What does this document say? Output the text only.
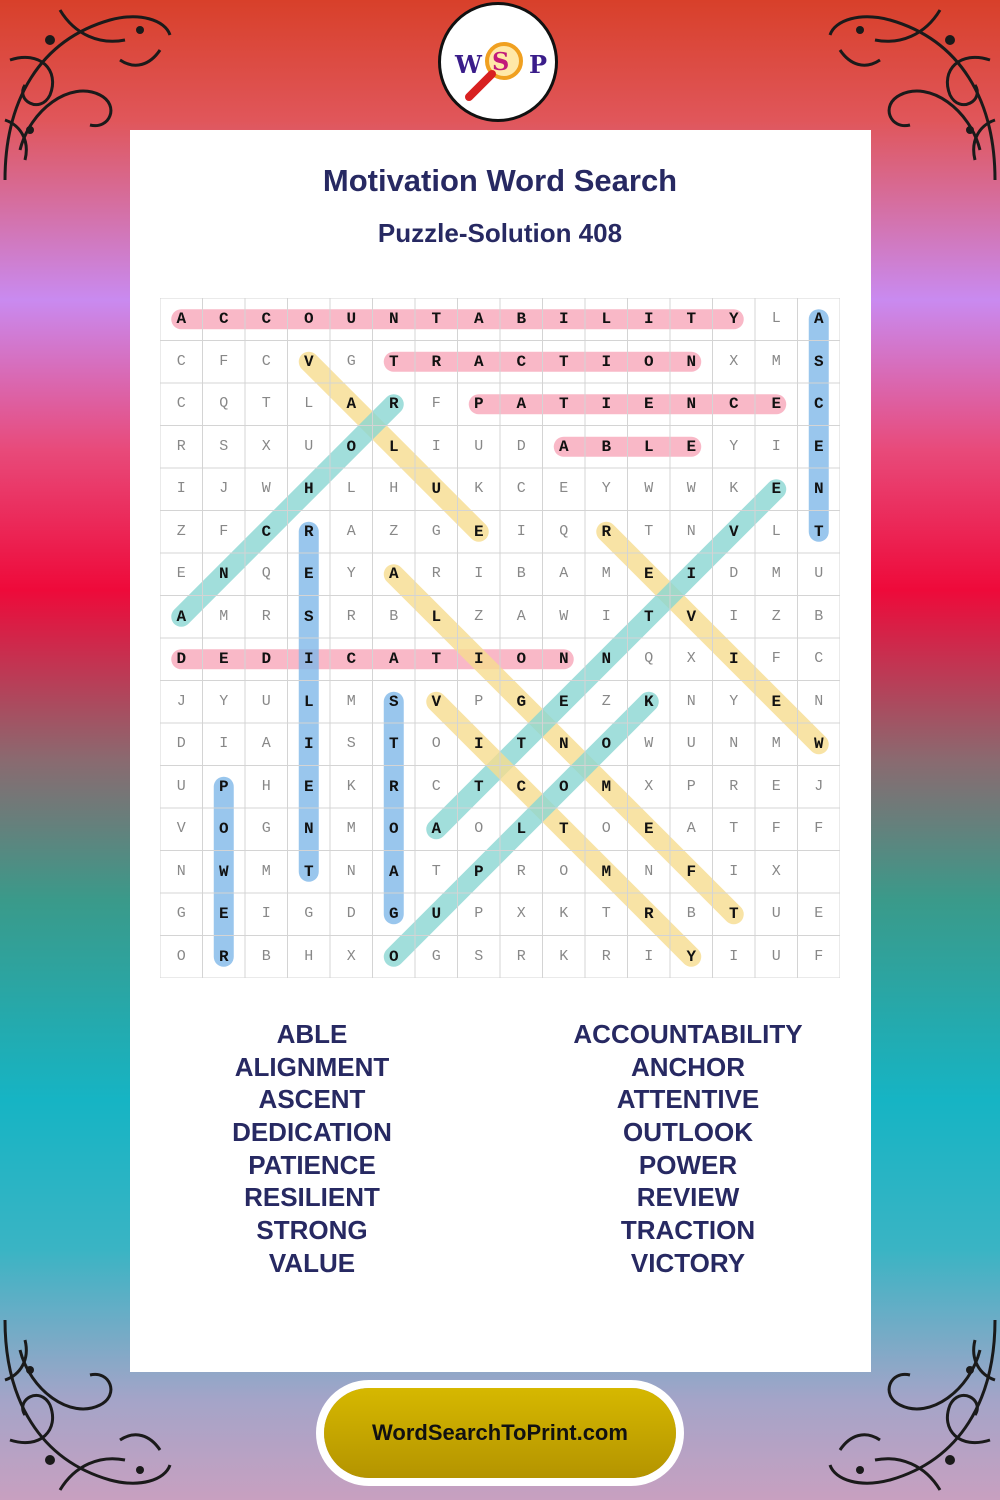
W S P
Motivation Word Search
Puzzle-Solution 408
A	C	C	O	U	N	T	A	B	I	L	I	T	Y	L	A
C	F	C	V	G	T	R	A	C	T	I	O	N	X	M	S
C	Q	T	L	A	R	F	P	A	T	I	E	N	C	E	C
R	S	X	U	O	L	I	U	D	A	B	L	E	Y	I	E
I	J	W	H	L	H	U	K	C	E	Y	W	W	K	E	N
Z	F	C	R	A	Z	G	E	I	Q	R	T	N	V	L	T
E	N	Q	E	Y	A	R	I	B	A	M	E	I	D	M	U
A	M	R	S	R	B	L	Z	A	W	I	T	V	I	Z	B
D	E	D	I	C	A	T	I	O	N	N	Q	X	I	F	C
J	Y	U	L	M	S	V	P	G	E	Z	K	N	Y	E	N
D	I	A	I	S	T	O	I	T	N	O	W	U	N	M	W
U	P	H	E	K	R	C	T	C	O	M	X	P	R	E	J
V	O	G	N	M	O	A	O	L	T	O	E	A	T	F	F
N	W	M	T	N	A	T	P	R	O	M	N	F	I	X
G	E	I	G	D	G	U	P	X	K	T	R	B	T	U	E
O	R	B	H	X	O	G	S	R	K	R	I	Y	I	U	F
ABLE
ALIGNMENT
ASCENT
DEDICATION
PATIENCE
RESILIENT
STRONG
VALUE
ACCOUNTABILITY
ANCHOR
ATTENTIVE
OUTLOOK
POWER
REVIEW
TRACTION
VICTORY
WordSearchToPrint.com
